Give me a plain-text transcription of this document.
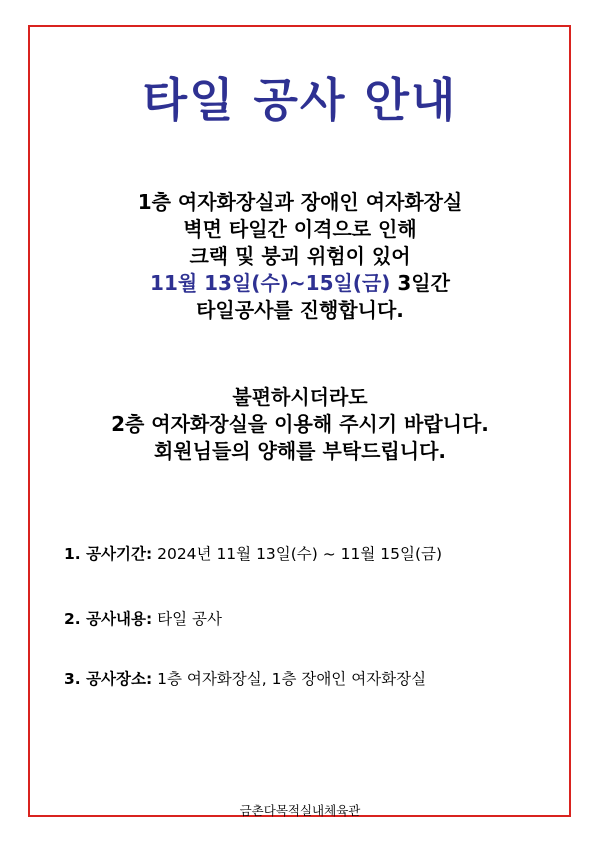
타일 공사 안내
1층 여자화장실과 장애인 여자화장실
벽면 타일간 이격으로 인해
크랙 및 붕괴 위험이 있어
11월 13일(수)~15일(금) 3일간
타일공사를 진행합니다.
불편하시더라도
2층 여자화장실을 이용해 주시기 바랍니다.
회원님들의 양해를 부탁드립니다.
1. 공사기간: 2024년 11월 13일(수) ~ 11월 15일(금)
2. 공사내용: 타일 공사
3. 공사장소: 1층 여자화장실, 1층 장애인 여자화장실
금촌다목적실내체육관
